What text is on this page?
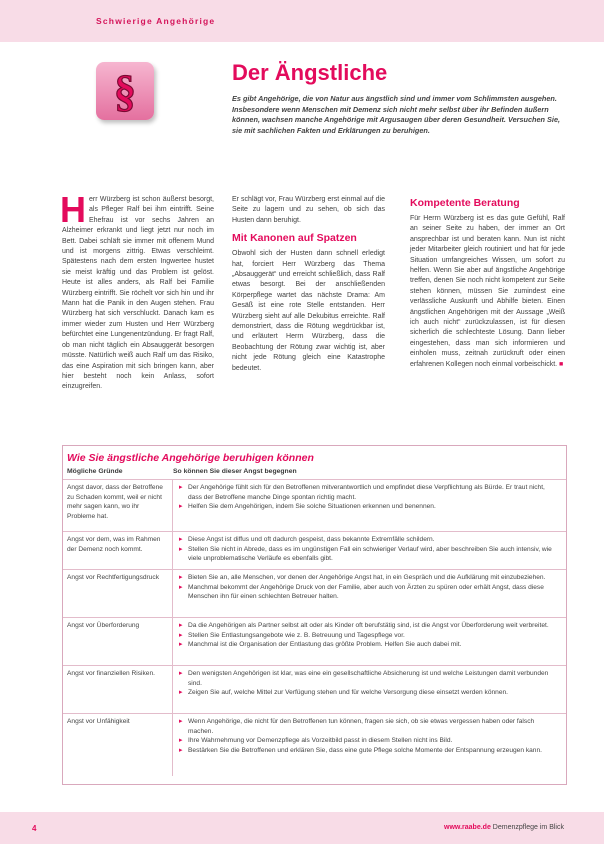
Schwierige Angehörige
§	Der Ängstliche

Es gibt Angehörige, die von Natur aus ängstlich sind und immer vom Schlimmsten ausgehen. Insbesondere wenn Menschen mit Demenz sich nicht mehr selbst über ihr Befinden äußern können, wachsen manche Angehörige mit Argusaugen über deren Gesundheit. Versuchen Sie, sie mit sachlichen Fakten und Erklärungen zu beruhigen.

Herr Würzberg ist schon äußerst besorgt, als Pfleger Ralf bei ihm eintrifft. Seine Ehefrau ist vor sechs Jahren an Alzheimer erkrankt und liegt jetzt nur noch im Bett. Dabei schläft sie immer mit offenem Mund und ist morgens zittrig. Etwas verschleimt. Spätestens nach dem ersten Ingwertee hustet sie meist kräftig und das Problem ist gelöst. Heute ist alles anders, als Ralf bei Familie Würzberg eintrifft. Sie röchelt vor sich hin und ihr Mann hat die Panik in den Augen stehen. Frau Würzberg hat sich verschluckt. Danach kam es immer wieder zum Husten und Herr Würzberg befürchtet eine Lungenentzündung. Er fragt Ralf, ob man nicht täglich ein Absauggerät besorgen müsste. Natürlich weiß auch Ralf um das Risiko, das eine Aspiration mit sich bringen kann, aber hier besteht noch kein Anlass, sofort einzugreifen.

Er schlägt vor, Frau Würzberg erst einmal auf die Seite zu lagern und zu sehen, ob sich das Husten dann beruhigt.

Mit Kanonen auf Spatzen

Obwohl sich der Husten dann schnell erledigt hat, forciert Herr Würzberg das Thema „Absauggerät“ und erreicht schließlich, dass Ralf etwas besorgt. Bei der anschließenden Körperpflege wartet das nächste Drama: Am Gesäß ist eine rote Stelle entstanden. Herr Würzberg sieht auf alle Dekubitus erreichte. Ralf demonstriert, dass die Rötung wegdrückbar ist, und erläutert Herrn Würzberg, dass die Beobachtung der Rötung zwar wichtig ist, aber nicht jede Rötung gleich eine Katastrophe bedeutet.

Kompetente Beratung

Für Herrn Würzberg ist es das gute Gefühl, Ralf an seiner Seite zu haben, der immer an Ort ansprechbar ist und beraten kann. Nun ist nicht jeder Mitarbeiter gleich routiniert und hat für jede Situation umfangreiches Wissen, um sofort zu helfen. Wenn Sie aber auf ängstliche Angehörige treffen, denen Sie noch nicht kompetent zur Seite stehen können, müssen Sie zumindest eine verlässliche Auskunft und Abhilfe bieten. Einen ängstlichen Angehörigen mit der Aussage „Weiß ich auch nicht“ zurückzulassen, ist für diesen sicherlich die schlechteste Lösung. Dann lieber eingestehen, dass man sich informieren und einholen muss, zeitnah zurückruft oder einen erfahrenen Kollegen noch einmal vorbeischickt. ■

Wie Sie ängstliche Angehörige beruhigen können
Mögliche Gründe	So können Sie dieser Angst begegnen
Angst davor, dass der Betroffene zu Schaden kommt, weil er nicht mehr sagen kann, wo ihr Probleme hat.
▸ Der Angehörige fühlt sich für den Betroffenen mitverantwortlich und empfindet diese Verpflichtung als Bürde. Er traut nicht, dass der Betroffene manche Dinge spontan richtig macht.
▸ Helfen Sie dem Angehörigen, indem Sie solche Situationen erkennen und benennen.
Angst vor dem, was im Rahmen der Demenz noch kommt.
▸ Diese Angst ist diffus und oft dadurch gespeist, dass bekannte Extremfälle schildern.
▸ Stellen Sie nicht in Abrede, dass es im ungünstigen Fall ein schwieriger Verlauf wird, aber beschreiben Sie auch intensiv, wie viele unproblematische Verläufe es ebenfalls gibt.
Angst vor Rechtfertigungsdruck	▸ Bieten Sie an, alle Menschen, vor denen der Angehörige Angst hat, in ein Gespräch und die Aufklärung mit einzubeziehen.
▸ Manchmal bekommt der Angehörige Druck von der Familie, aber auch von Ärzten zu spüren oder erhält Angst, dass diese Menschen ihn für einen schlechten Betreuer halten.
Angst vor Überforderung	▸ Da die Angehörigen als Partner selbst alt oder als Kinder oft berufstätig sind, ist die Angst vor Überforderung weit verbreitet.
▸ Stellen Sie Entlastungsangebote wie z. B. Betreuung und Tagespflege vor.
▸ Manchmal ist die Organisation der Entlastung das größte Problem. Helfen Sie auch dabei mit.
Angst vor finanziellen Risiken.	▸ Den wenigsten Angehörigen ist klar, was eine ein gesellschaftliche Absicherung ist und welche Leistungen damit verbunden sind.
▸ Zeigen Sie auf, welche Mittel zur Verfügung stehen und für welche Versorgung diese einsetzt werden können.
Angst vor Unfähigkeit	▸ Wenn Angehörige, die nicht für den Betroffenen tun können, fragen sie sich, ob sie etwas vergessen haben oder falsch machen.
▸ Ihre Wahrnehmung vor Demenzpflege als Vorzeitbild passt in diesem Stellen nicht ins Bild.
▸ Bestärken Sie die Betroffenen und erklären Sie, dass eine gute Pflege solche Momente der Entspannung erzeugen kann.
4	www.raabe.de Demenzpflege im Blick
